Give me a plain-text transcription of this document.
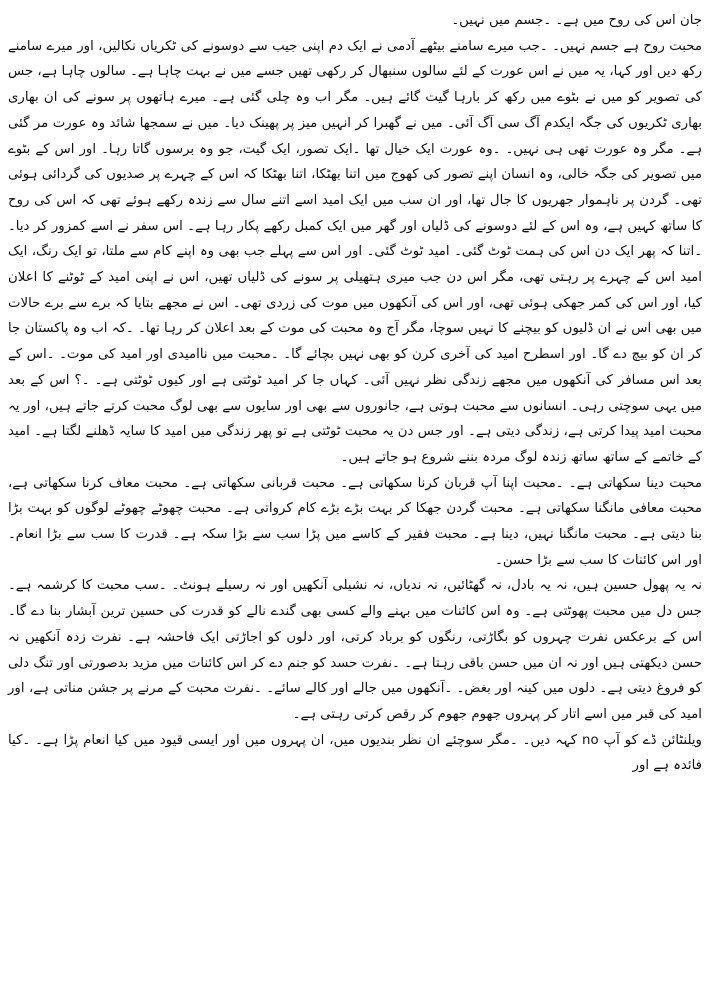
جان اس کی روح میں ہے۔ ۔جسم میں نہیں۔

محبت روح ہے جسم نہیں۔ ۔جب میرے سامنے بیٹھے آدمی نے ایک دم اپنی جیب سے دوسونے کی ٹکریاں نکالیں، اور میرے سامنے رکھ دیں اور کہا، یہ میں نے اس عورت کے لئے سالوں سنبھال کر رکھی تھیں جسے میں نے بہت چاہا ہے۔ سالوں چاہا ہے، جس کی تصویر کو میں نے بٹوے میں رکھ کر بارہا گیت گائے ہیں۔ مگر اب وہ چلی گئی ہے۔ میرے ہاتھوں پر سونے کی ان بھاری بھاری ٹکریوں کی جگہ ایکدم آگ سی آگ آئی۔ میں نے گھبرا کر انہیں میز پر پھینک دیا۔ میں نے سمجھا شائد وہ عورت مر گئی ہے۔ مگر وہ عورت تھی ہی نہیں۔ ۔وہ عورت ایک خیال تھا ۔ایک تصور، ایک گیت، جو وہ برسوں گاتا رہا۔ اور اس کے بٹوے میں تصویر کی جگہ خالی، وہ انسان اپنے تصور کی کھوج میں اتنا بھٹکا، اتنا بھٹکا کہ اس کے چہرے پر صدیوں کی گردائی ہوئی تھی۔ گردن پر ناہموار جھریوں کا جال تھا، اور ان سب میں ایک امید اسے اتنے سال سے زندہ رکھے ہوئے تھی کہ اس کی روح کا ساتھ کہیں ہے، وہ اس کے لئے دوسونے کی ڈلیاں اور گھر میں ایک کمبل رکھے پکار رہا ہے۔ اس سفر نے اسے کمزور کر دیا۔ ۔اتنا کہ پھر ایک دن اس کی ہمت ٹوٹ گئی۔ امید ٹوٹ گئی۔ اور اس سے پہلے جب بھی وہ اپنے کام سے ملتا، تو ایک رنگ، ایک امید اس کے چہرے پر رہتی تھی، مگر اس دن جب میری ہتھیلی پر سونے کی ڈلیاں تھیں، اس نے اپنی امید کے ٹوٹنے کا اعلان کیا، اور اس کی کمر جھکی ہوئی تھی، اور اس کی آنکھوں میں موت کی زردی تھی۔ اس نے مجھے بتایا کہ برے سے برے حالات میں بھی اس نے ان ڈلیوں کو بیچنے کا نہیں سوچا، مگر آج وہ محبت کی موت کے بعد اعلان کر رہا تھا۔ ۔کہ اب وہ پاکستان جا کر ان کو بیچ دے گا۔ اور اسطرح امید کی آخری کرن کو بھی نہیں بچائے گا۔ ۔محبت میں ناامیدی اور امید کی موت۔ ۔اس کے بعد اس مسافر کی آنکھوں میں مجھے زندگی نظر نہیں آئی۔ کہاں جا کر امید ٹوٹتی ہے اور کیوں ٹوٹتی ہے۔ ۔؟ اس کے بعد میں یہی سوچتی رہی۔ انسانوں سے محبت ہوتی ہے، جانوروں سے بھی اور سایوں سے بھی لوگ محبت کرتے جاتے ہیں، اور یہ محبت امید پیدا کرتی ہے، زندگی دیتی ہے۔ اور جس دن یہ محبت ٹوٹتی ہے تو پھر زندگی میں امید کا سایہ ڈھلنے لگتا ہے۔ امید کے خاتمے کے ساتھ ساتھ زندہ لوگ مردہ بننے شروع ہو جاتے ہیں۔

محبت دینا سکھاتی ہے۔ ۔محبت اپنا آپ قربان کرنا سکھاتی ہے۔ محبت قربانی سکھاتی ہے۔ محبت معاف کرنا سکھاتی ہے، محبت معافی مانگنا سکھاتی ہے۔ محبت گردن جھکا کر بہت بڑے بڑے کام کرواتی ہے۔ محبت چھوٹے چھوٹے لوگوں کو بہت بڑا بنا دیتی ہے۔ محبت مانگنا نہیں، دینا ہے۔ محبت فقیر کے کاسے میں پڑا سب سے بڑا سکہ ہے۔ قدرت کا سب سے بڑا انعام۔ اور اس کائنات کا سب سے بڑا حسن۔

نہ یہ پھول حسین ہیں، نہ یہ بادل، نہ گھٹائیں، نہ ندیاں، نہ نشیلی آنکھیں اور نہ رسیلے ہونٹ۔ ۔سب محبت کا کرشمہ ہے۔ جس دل میں محبت پھوٹتی ہے۔ وہ اس کائنات میں بہنے والے کسی بھی گندے نالے کو قدرت کی حسین ترین آبشار بنا دے گا۔ اس کے برعکس نفرت چہروں کو بگاڑتی، رنگوں کو برباد کرتی، اور دلوں کو اجاڑتی ایک فاحشہ ہے۔ نفرت زدہ آنکھیں نہ حسن دیکھتی ہیں اور نہ ان میں حسن باقی رہتا ہے۔ ۔نفرت حسد کو جنم دے کر اس کائنات میں مزید بدصورتی اور تنگ دلی کو فروغ دیتی ہے۔ دلوں میں کینہ اور بغض۔ ۔آنکھوں میں جالے اور کالے سائے۔ ۔نفرت محبت کے مرنے پر جشن مناتی ہے، اور امید کی قبر میں اسے اتار کر پہروں جھوم جھوم کر رقص کرتی رہتی ہے۔

ویلنٹائن ڈے کو آپ no کہہ دیں۔ ۔مگر سوچئے ان نظر بندیوں میں، ان پہروں میں اور ایسی قیود میں کیا انعام پڑا ہے۔ ۔کیا فائدہ ہے اور
